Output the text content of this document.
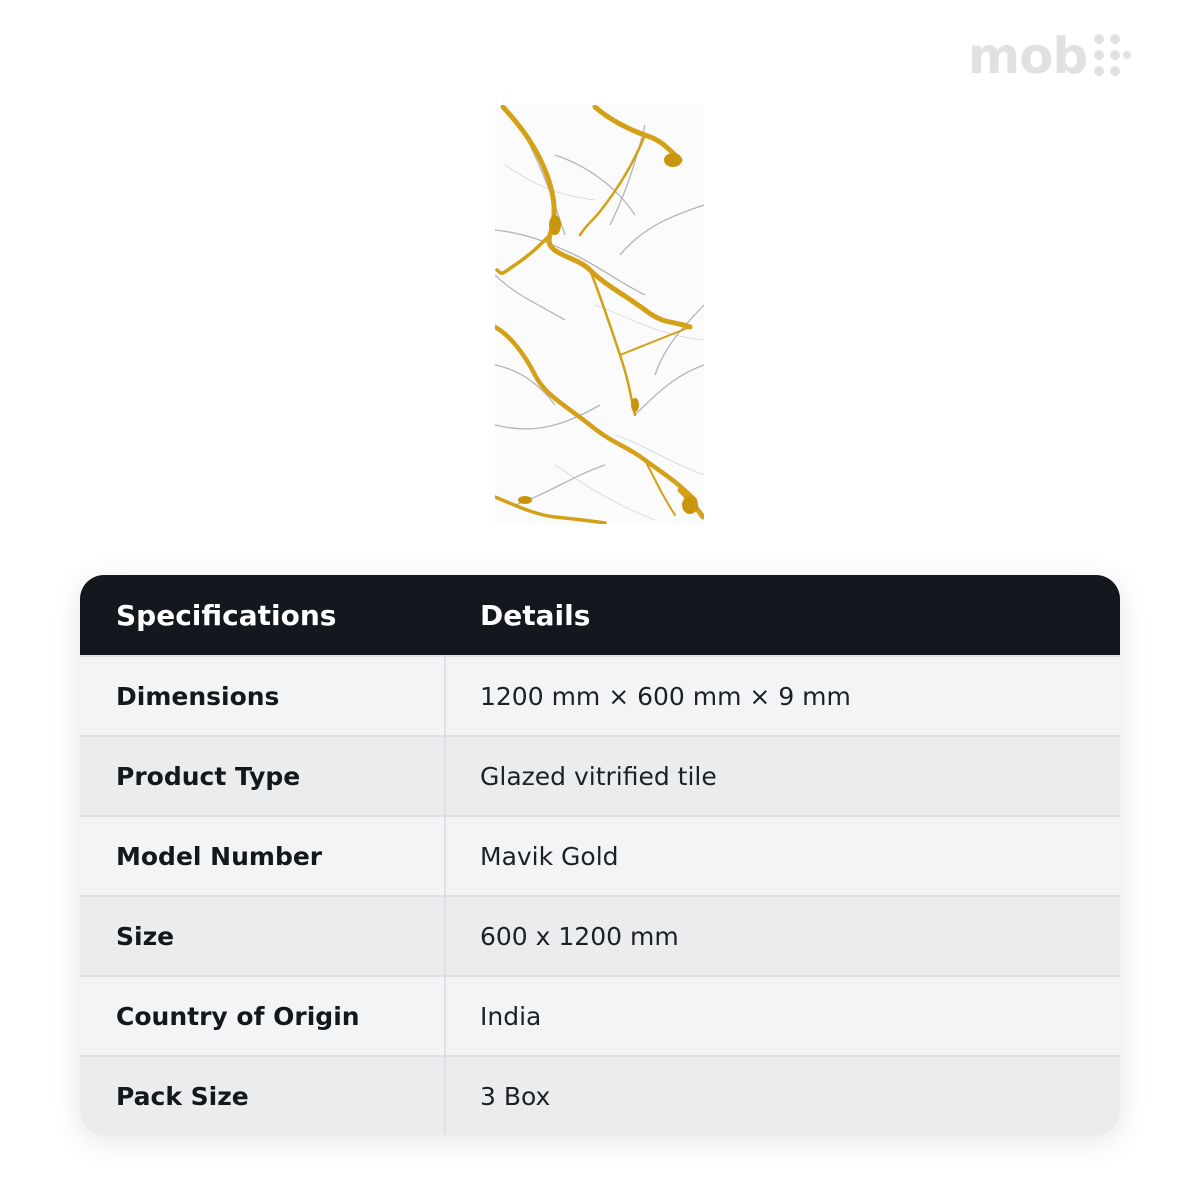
mob
Specifications	Details
Dimensions	1200 mm × 600 mm × 9 mm
Product Type	Glazed vitrified tile
Model Number	Mavik Gold
Size	600 x 1200 mm
Country of Origin	India
Pack Size	3 Box
